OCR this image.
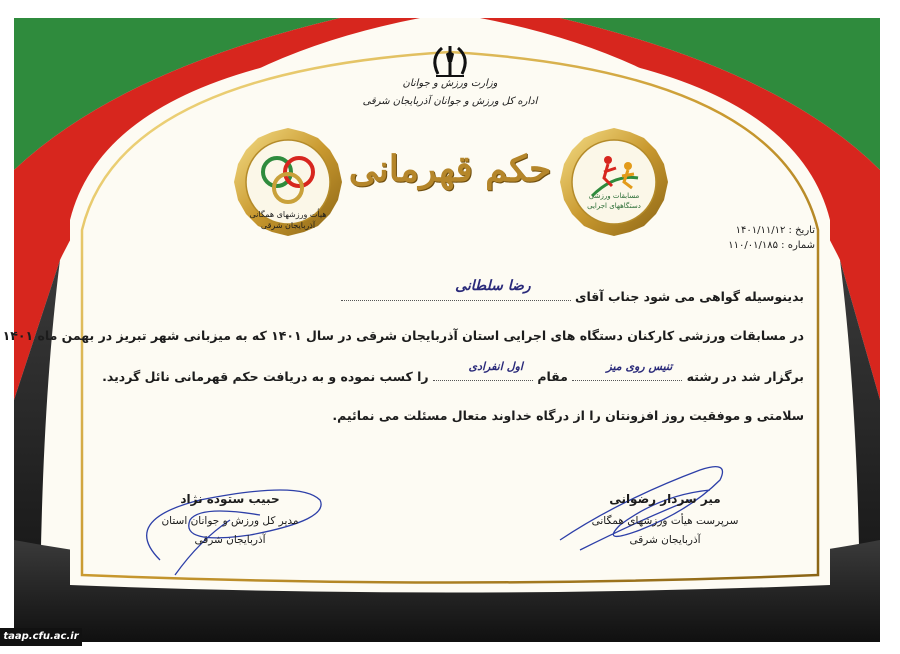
وزارت ورزش و جوانان
اداره کل ورزش و جوانان آذربایجان شرقی
حکم قهرمانی
هیأت ورزشهای همگانی
آذربایجان شرقی
مسابقات ورزشی
دستگاههای اجرایی
تاریخ : ۱۴۰۱/۱۱/۱۲
شماره : ۱۱۰/۰۱/۱۸۵
بدینوسیله گواهی می شود جناب آقای
رضا سلطانی
در مسابقات ورزشی کارکنان دستگاه های اجرایی استان آذربایجان شرقی در سال ۱۴۰۱ که به میزبانی شهر تبریز در بهمن ماه ۱۴۰۱
برگزار شد در رشته
تنیس روی میز
مقام
اول انفرادی
را کسب نموده و به دریافت حکم قهرمانی نائل گردید.
سلامتی و موفقیت روز افزونتان را از درگاه خداوند متعال مسئلت می نمائیم.
حبیب ستوده نژاد
مدیر کل ورزش و جوانان استان
آذربایجان شرقی
میر سردار رضوانی
سرپرست هیأت ورزشهای همگانی
آذربایجان شرقی
taap.cfu.ac.ir
